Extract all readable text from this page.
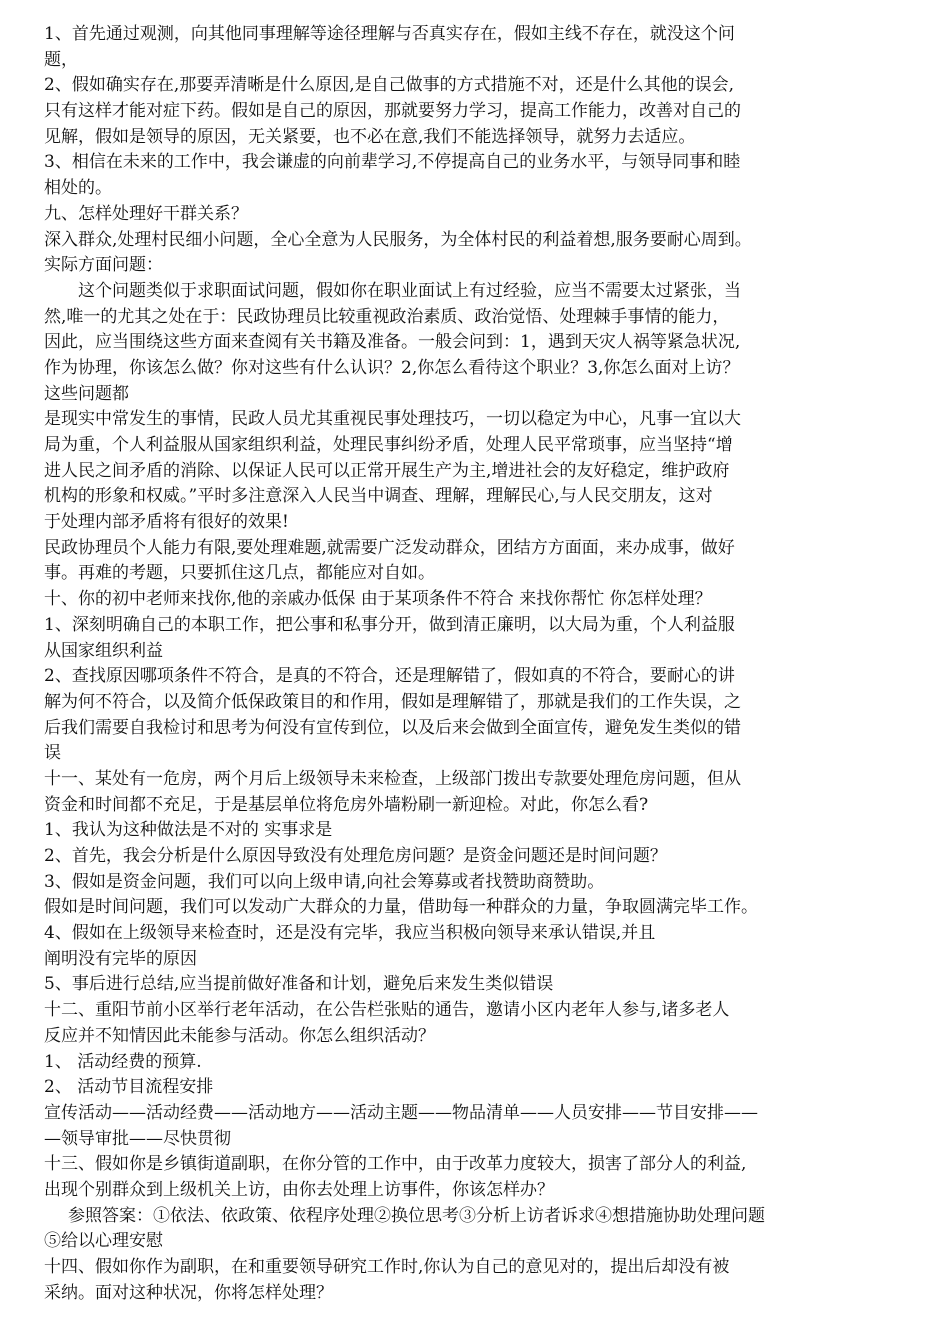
1、首先通过观测，向其他同事理解等途径理解与否真实存在，假如主线不存在，就没这个问

题，

2、假如确实存在,那要弄清晰是什么原因,是自己做事的方式措施不对，还是什么其他的误会,

只有这样才能对症下药。假如是自己的原因，那就要努力学习，提高工作能力，改善对自己的

见解，假如是领导的原因，无关紧要，也不必在意,我们不能选择领导，就努力去适应。

3、相信在未来的工作中，我会谦虚的向前辈学习,不停提高自己的业务水平，与领导同事和睦

相处的。

九、怎样处理好干群关系？

深入群众,处理村民细小问题，全心全意为人民服务，为全体村民的利益着想,服务要耐心周到。

实际方面问题：

这个问题类似于求职面试问题，假如你在职业面试上有过经验，应当不需要太过紧张，当

然,唯一的尤其之处在于：民政协理员比较重视政治素质、政治觉悟、处理棘手事情的能力，

因此，应当围绕这些方面来查阅有关书籍及准备。一般会问到：1，遇到天灾人祸等紧急状况,

作为协理，你该怎么做？你对这些有什么认识？2,你怎么看待这个职业？3,你怎么面对上访？

这些问题都

是现实中常发生的事情，民政人员尤其重视民事处理技巧，一切以稳定为中心，凡事一宜以大

局为重，个人利益服从国家组织利益，处理民事纠纷矛盾，处理人民平常琐事，应当坚持“增

进人民之间矛盾的消除、以保证人民可以正常开展生产为主,增进社会的友好稳定，维护政府

机构的形象和权威。”平时多注意深入人民当中调查、理解，理解民心,与人民交朋友，这对

于处理内部矛盾将有很好的效果!

民政协理员个人能力有限,要处理难题,就需要广泛发动群众，团结方方面面，来办成事，做好

事。再难的考题，只要抓住这几点，都能应对自如。

十、你的初中老师来找你,他的亲戚办低保 由于某项条件不符合 来找你帮忙 你怎样处理？

1、深刻明确自己的本职工作，把公事和私事分开，做到清正廉明，以大局为重，个人利益服

从国家组织利益

2、查找原因哪项条件不符合，是真的不符合，还是理解错了，假如真的不符合，要耐心的讲

解为何不符合，以及简介低保政策目的和作用，假如是理解错了，那就是我们的工作失误，之

后我们需要自我检讨和思考为何没有宣传到位，以及后来会做到全面宣传，避免发生类似的错

误

十一、某处有一危房，两个月后上级领导未来检查，上级部门拨出专款要处理危房问题，但从

资金和时间都不充足，于是基层单位将危房外墙粉刷一新迎检。对此，你怎么看?

1、我认为这种做法是不对的 实事求是

2、首先，我会分析是什么原因导致没有处理危房问题？是资金问题还是时间问题？

3、假如是资金问题，我们可以向上级申请,向社会筹募或者找赞助商赞助。

假如是时间问题，我们可以发动广大群众的力量，借助每一种群众的力量，争取圆满完毕工作。

4、假如在上级领导来检查时，还是没有完毕，我应当积极向领导来承认错误,并且

阐明没有完毕的原因

5、事后进行总结,应当提前做好准备和计划，避免后来发生类似错误

十二、重阳节前小区举行老年活动，在公告栏张贴的通告，邀请小区内老年人参与,诸多老人

反应并不知情因此未能参与活动。你怎么组织活动？

1、 活动经费的预算.

2、 活动节目流程安排

宣传活动——活动经费——活动地方——活动主题——物品清单——人员安排——节目安排——

—领导审批——尽快贯彻

十三、假如你是乡镇街道副职，在你分管的工作中，由于改革力度较大，损害了部分人的利益,

出现个别群众到上级机关上访，由你去处理上访事件，你该怎样办？

参照答案：①依法、依政策、依程序处理②换位思考③分析上访者诉求④想措施协助处理问题

⑤给以心理安慰

十四、假如你作为副职，在和重要领导研究工作时,你认为自己的意见对的，提出后却没有被

采纳。面对这种状况，你将怎样处理？
